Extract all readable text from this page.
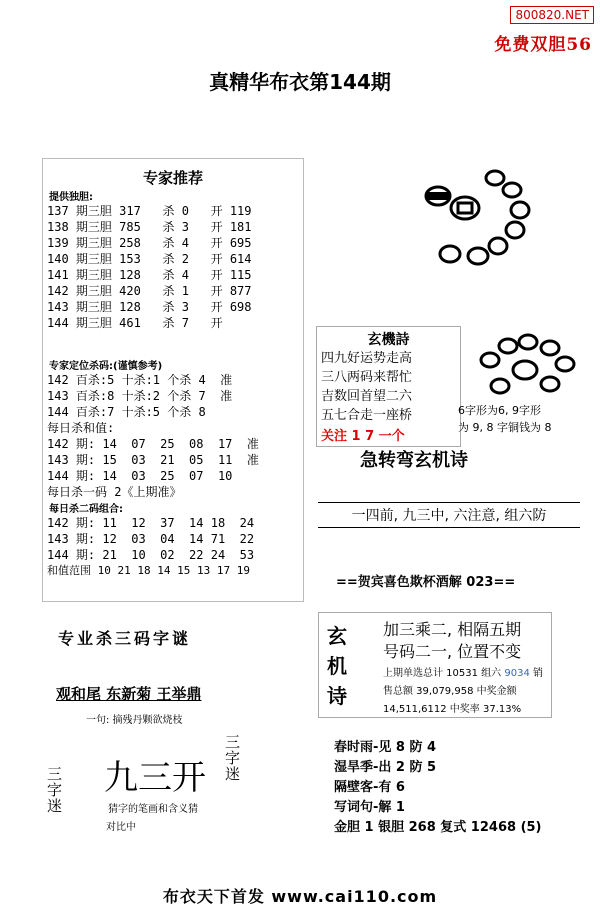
800820.NET
免费双胆56
真精华布衣第144期
专家推荐
提供独胆:
137 期三胆 317   杀 0   开 119
138 期三胆 785   杀 3   开 181
139 期三胆 258   杀 4   开 695
140 期三胆 153   杀 2   开 614
141 期三胆 128   杀 4   开 115
142 期三胆 420   杀 1   开 877
143 期三胆 128   杀 3   开 698
144 期三胆 461   杀 7   开
专家定位杀码:(谨慎参考)
142 百杀:5 十杀:1 个杀 4  准
143 百杀:8 十杀:2 个杀 7  准
144 百杀:7 十杀:5 个杀 8
每日杀和值:
142 期: 14  07  25  08  17  准
143 期: 15  03  21  05  11  准
144 期: 14  03  25  07  10
每日杀一码 2《上期准》
每日杀二码组合:
142 期: 11  12  37  14 18  24
143 期: 12  03  04  14 71  22
144 期: 21  10  02  22 24  53
和值范围 10 21 18 14 15 13 17 19
专业杀三码字谜
观和尾 东新菊 王举鼎
一句: 摘残丹颗欲烧枝
三字迷 九三开 三字迷
猜字的笔画和含义猜
对比中
玄機詩
四九好运势走高
三八两码来帮忙
吉数回首望二六
五七合走一座桥
关注 1 7 一个
6字形为6, 9字形
为 9, 8 字铜钱为 8
急转弯玄机诗
一四前, 九三中, 六注意, 组六防
==贺宾喜色欺杯酒解 023==
玄机诗
加三乘二, 相隔五期
号码二一, 位置不变
上期单选总计 10531 组六 9034 销
售总额 39,079,958 中奖金额
14,511,6112 中奖率 37.13%
春时雨-见 8 防 4
湿旱季-出 2 防 5
隔壁客-有 6
写词句-解 1
金胆 1 银胆 268 复式 12468 (5)
布衣天下首发 www.cai110.com
